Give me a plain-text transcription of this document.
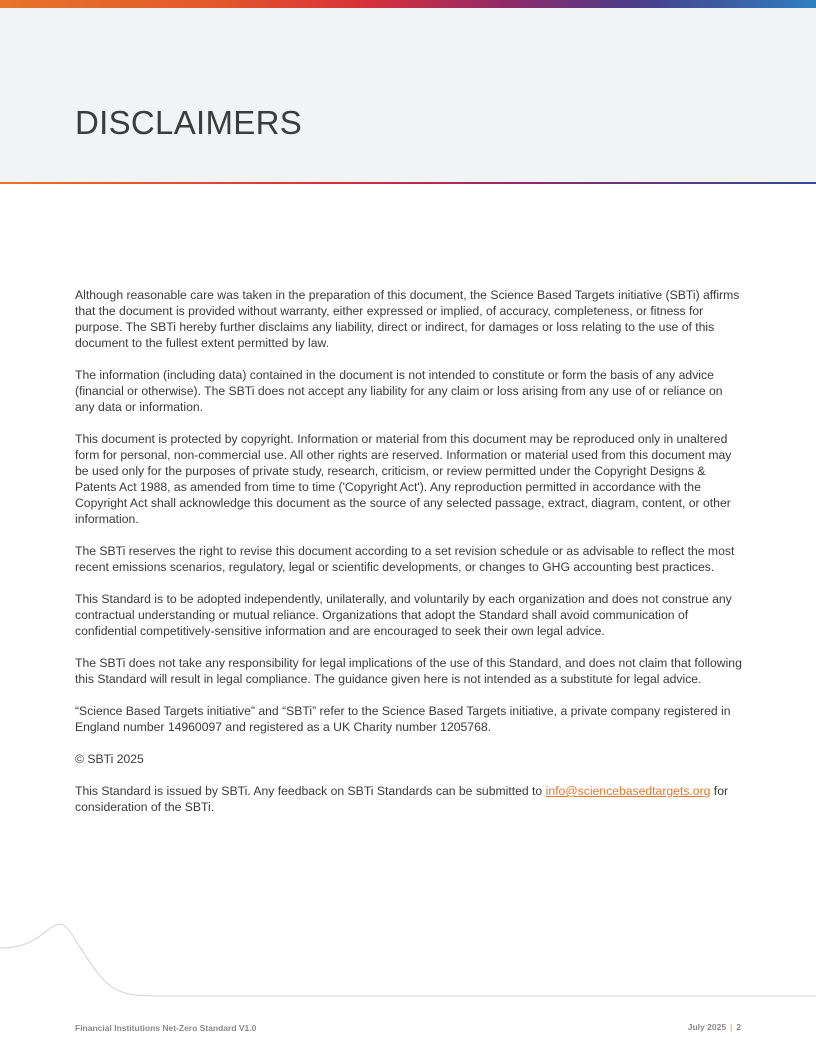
DISCLAIMERS

Although reasonable care was taken in the preparation of this document, the Science Based Targets initiative (SBTi) affirms that the document is provided without warranty, either expressed or implied, of accuracy, completeness, or fitness for purpose. The SBTi hereby further disclaims any liability, direct or indirect, for damages or loss relating to the use of this document to the fullest extent permitted by law.

The information (including data) contained in the document is not intended to constitute or form the basis of any advice (financial or otherwise). The SBTi does not accept any liability for any claim or loss arising from any use of or reliance on any data or information.

This document is protected by copyright. Information or material from this document may be reproduced only in unaltered form for personal, non-commercial use. All other rights are reserved. Information or material used from this document may be used only for the purposes of private study, research, criticism, or review permitted under the Copyright Designs & Patents Act 1988, as amended from time to time ('Copyright Act'). Any reproduction permitted in accordance with the Copyright Act shall acknowledge this document as the source of any selected passage, extract, diagram, content, or other information.

The SBTi reserves the right to revise this document according to a set revision schedule or as advisable to reflect the most recent emissions scenarios, regulatory, legal or scientific developments, or changes to GHG accounting best practices.

This Standard is to be adopted independently, unilaterally, and voluntarily by each organization and does not construe any contractual understanding or mutual reliance. Organizations that adopt the Standard shall avoid communication of confidential competitively-sensitive information and are encouraged to seek their own legal advice.

The SBTi does not take any responsibility for legal implications of the use of this Standard, and does not claim that following this Standard will result in legal compliance. The guidance given here is not intended as a substitute for legal advice.

“Science Based Targets initiative” and “SBTi” refer to the Science Based Targets initiative, a private company registered in England number 14960097 and registered as a UK Charity number 1205768.

© SBTi 2025

This Standard is issued by SBTi. Any feedback on SBTi Standards can be submitted to info@sciencebasedtargets.org for consideration of the SBTi.

Financial Institutions Net-Zero Standard V1.0	July 2025 | 2
